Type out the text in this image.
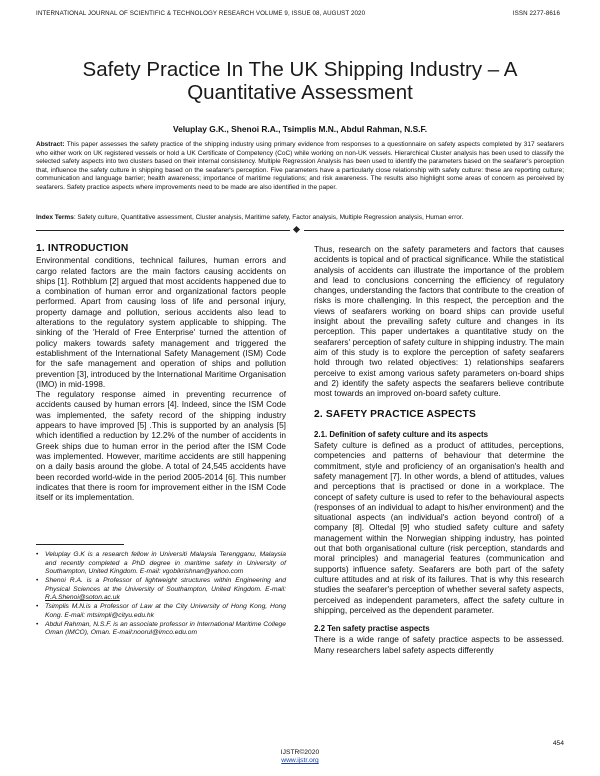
INTERNATIONAL JOURNAL OF SCIENTIFIC & TECHNOLOGY RESEARCH VOLUME 9, ISSUE 08, AUGUST 2020	ISSN 2277-8616
Safety Practice In The UK Shipping Industry – A
Quantitative Assessment
Veluplay G.K., Shenoi R.A., Tsimplis M.N., Abdul Rahman, N.S.F.
Abstract: This paper assesses the safety practice of the shipping industry using primary evidence from responses to a questionnaire on safety aspects completed by 317 seafarers who either work on UK registered vessels or hold a UK Certificate of Competency (CoC) while working on non-UK vessels. Hierarchical Cluster analysis has been used to classify the selected safety aspects into two clusters based on their internal consistency. Multiple Regression Analysis has been used to identify the parameters based on the seafarer's perception that, influence the safety culture in shipping based on the seafarer's perception. Five parameters have a particularly close relationship with safety culture: these are reporting culture; communication and language barrier; health awareness; importance of maritime regulations; and risk awareness. The results also highlight some areas of concern as perceived by seafarers. Safety practice aspects where improvements need to be made are also identified in the paper.
Index Terms: Safety culture, Quantitative assessment, Cluster analysis, Maritime safety, Factor analysis, Multiple Regression analysis, Human error.
1. INTRODUCTION

Environmental conditions, technical failures, human errors and cargo related factors are the main factors causing accidents on ships [1]. Rothblum [2] argued that most accidents happened due to a combination of human error and organizational factors people performed. Apart from causing loss of life and personal injury, property damage and pollution, serious accidents also lead to alterations to the regulatory system applicable to shipping. The sinking of the 'Herald of Free Enterprise' turned the attention of policy makers towards safety management and triggered the establishment of the International Safety Management (ISM) Code for the safe management and operation of ships and pollution prevention [3], introduced by the International Maritime Organisation (IMO) in mid-1998.

The regulatory response aimed in preventing recurrence of accidents caused by human errors [4]. Indeed, since the ISM Code was implemented, the safety record of the shipping industry appears to have improved [5] .This is supported by an analysis [5] which identified a reduction by 12.2% of the number of accidents in Greek ships due to human error in the period after the ISM Code was implemented. However, maritime accidents are still happening on a daily basis around the globe. A total of 24,545 accidents have been recorded world-wide in the period 2005-2014 [6]. This number indicates that there is room for improvement either in the ISM Code itself or its implementation.

• Veluplay G.K is a research fellow in Universiti Malaysia Terengganu, Malaysia and recently completed a PhD degree in maritime safety in University of Southampton, United Kingdom. E-mail: vgobikrishnan@yahoo.com
• Shenoi R.A. is a Professor of lightweight structures within Engineering and Physical Sciences at the University of Southampton, United Kingdom. E-mail: R.A.Shenoi@soton.ac.uk
• Tsimplis M.N.is a Professor of Law at the City University of Hong Kong, Hong Kong. E-mail: mtsimpli@cityu.edu.hk
• Abdul Rahman, N.S.F. is an associate professor in International Maritime College Oman (IMCO), Oman. E-mail:noorul@imco.edu.om

Thus, research on the safety parameters and factors that causes accidents is topical and of practical significance. While the statistical analysis of accidents can illustrate the importance of the problem and lead to conclusions concerning the efficiency of regulatory changes, understanding the factors that contribute to the creation of risks is more challenging. In this respect, the perception and the views of seafarers working on board ships can provide useful insight about the prevailing safety culture and changes in its perception. This paper undertakes a quantitative study on the seafarers' perception of safety culture in shipping industry. The main aim of this study is to explore the perception of safety seafarers hold through two related objectives: 1) relationships seafarers perceive to exist among various safety parameters on-board ships and 2) identify the safety aspects the seafarers believe contribute most towards an improved on-board safety culture.

2. SAFETY PRACTICE ASPECTS
2.1. Definition of safety culture and its aspects

Safety culture is defined as a product of attitudes, perceptions, competencies and patterns of behaviour that determine the commitment, style and proficiency of an organisation's health and safety management [7]. In other words, a blend of attitudes, values and perceptions that is practised or done in a workplace. The concept of safety culture is used to refer to the behavioural aspects (responses of an individual to adapt to his/her environment) and the situational aspects (an individual's action beyond control) of a company [8]. Oltedal [9] who studied safety culture and safety management within the Norwegian shipping industry, has pointed out that both organisational culture (risk perception, standards and moral principles) and managerial features (communication and supports) influence safety. Seafarers are both part of the safety culture attitudes and at risk of its failures. That is why this research studies the seafarer's perception of whether several safety aspects, perceived as independent parameters, affect the safety culture in shipping, perceived as the dependent parameter.

2.2 Ten safety practise aspects

There is a wide range of safety practice aspects to be assessed. Many researchers label safety aspects differently

454
IJSTR©2020
www.ijstr.org
